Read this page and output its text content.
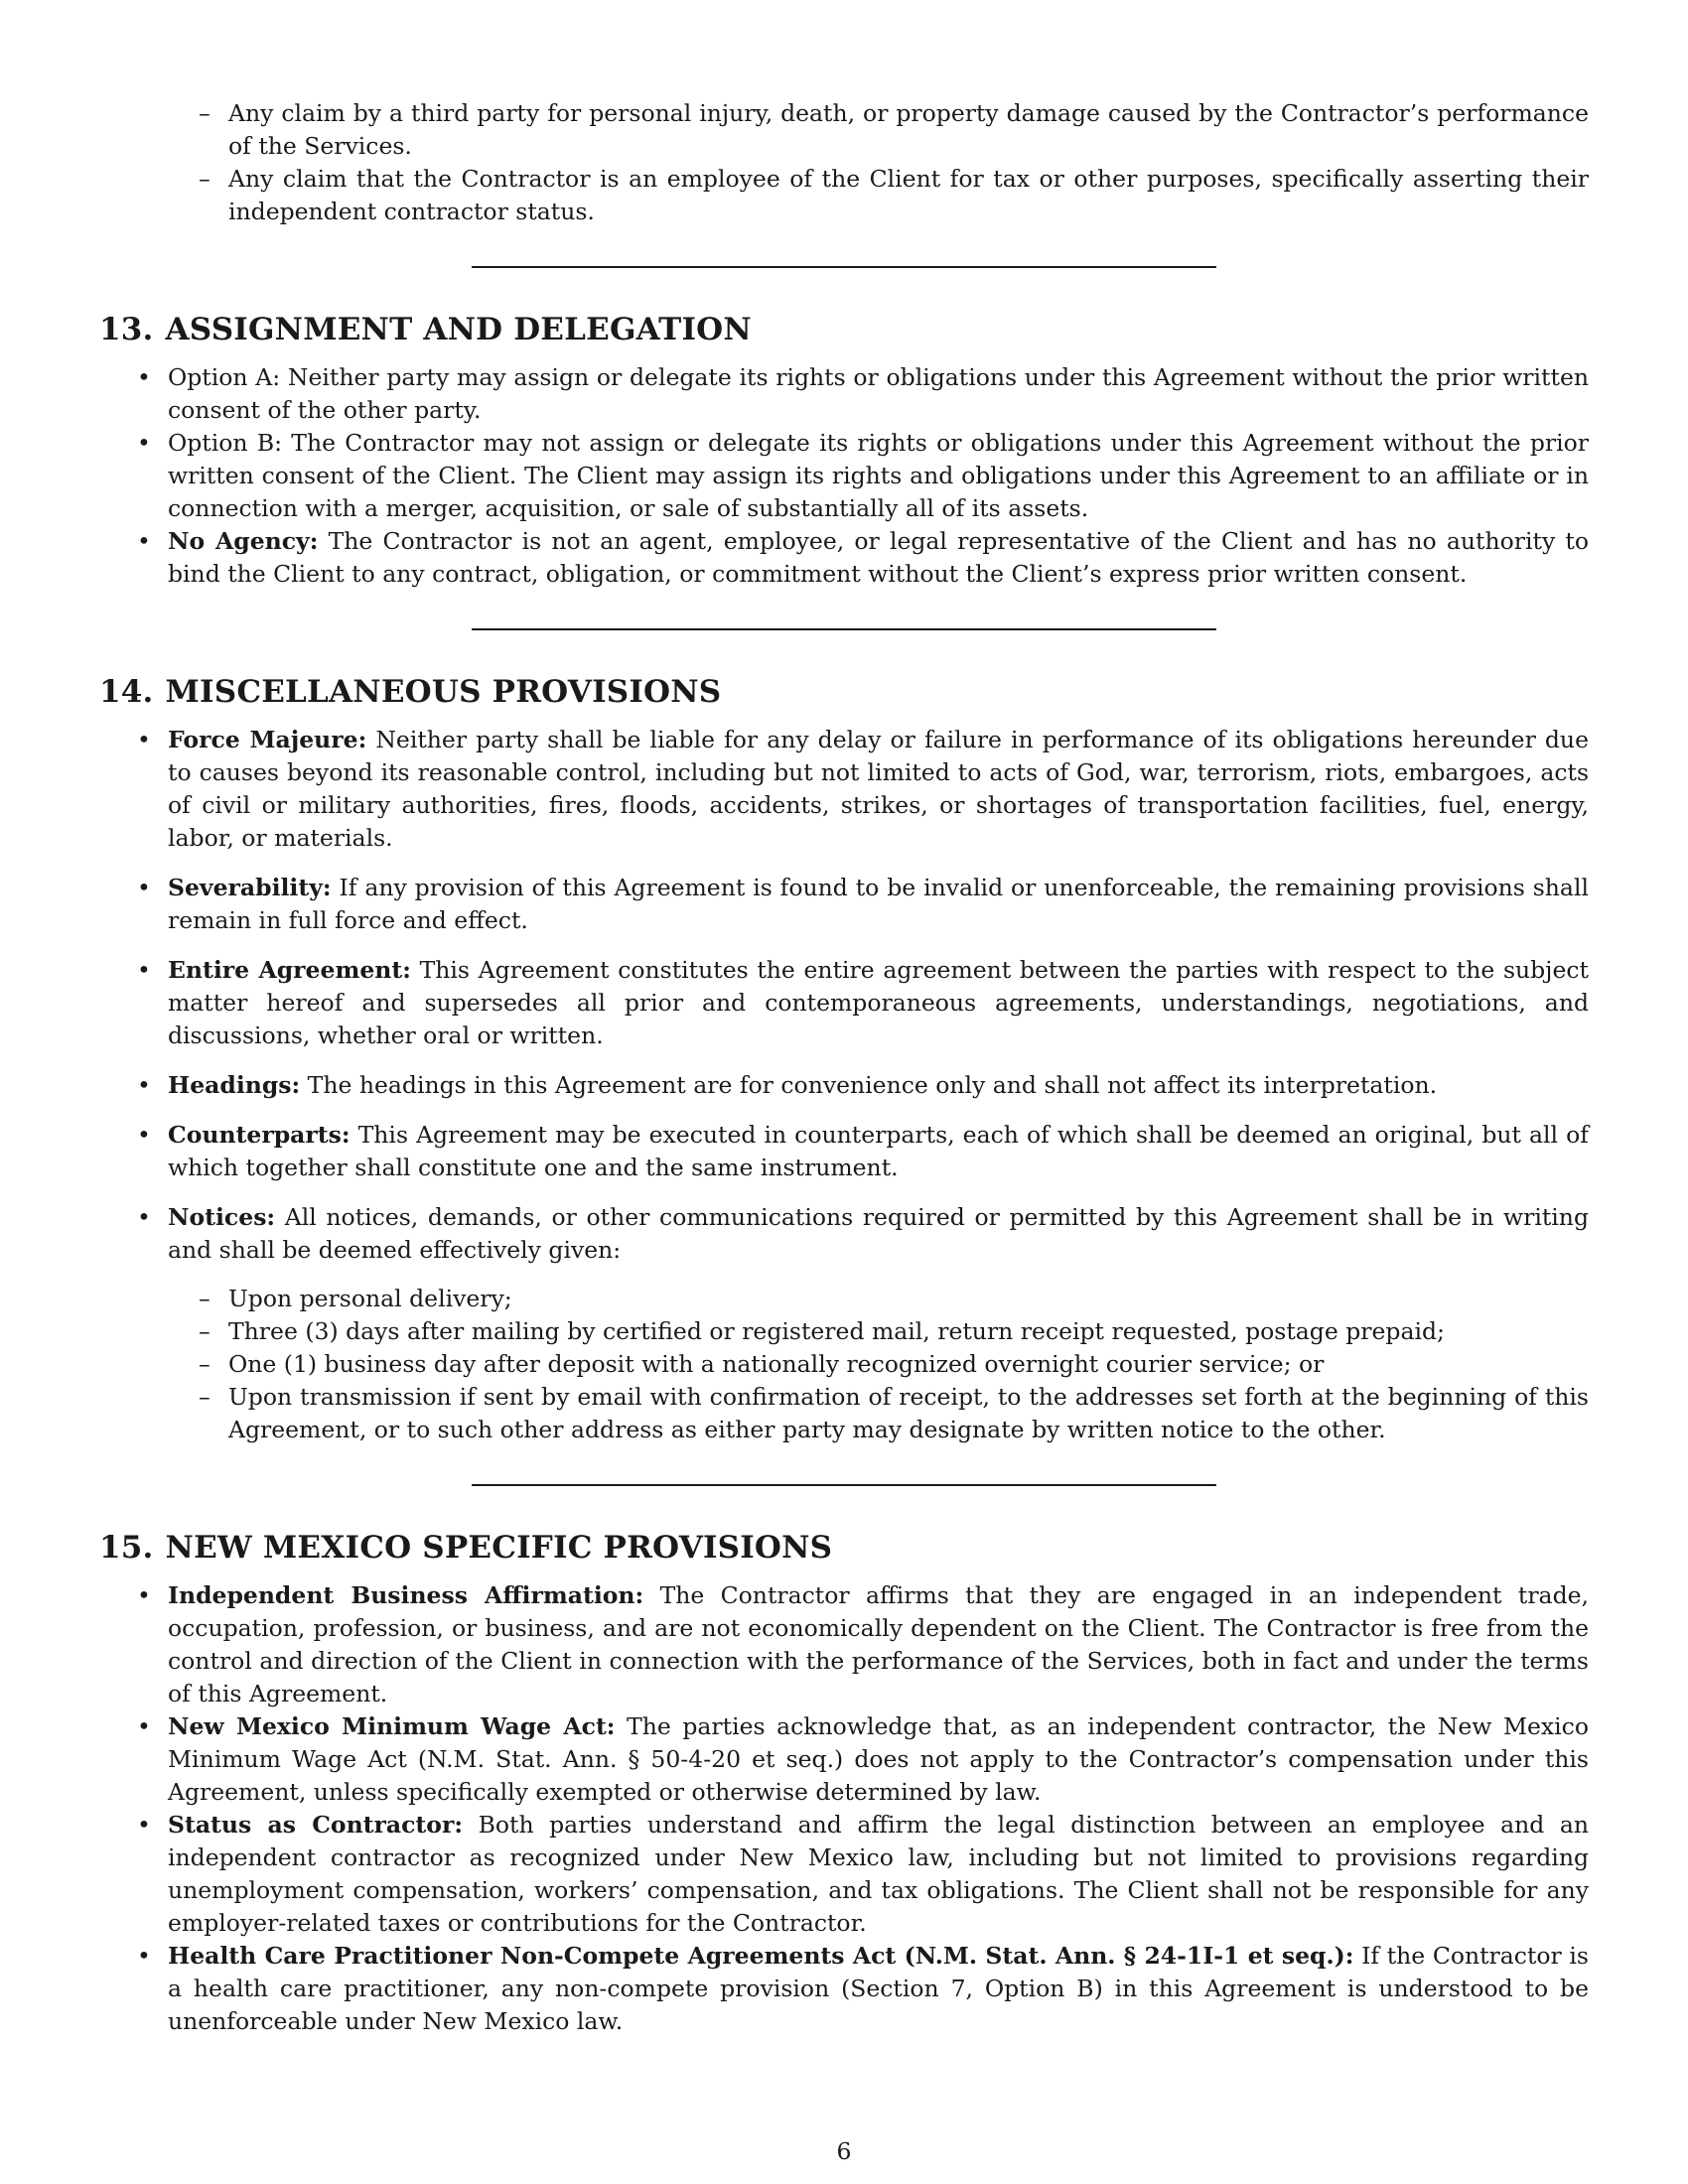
– Any claim by a third party for personal injury, death, or property damage caused by the Contractor’s performance of the Services.
– Any claim that the Contractor is an employee of the Client for tax or other purposes, specifically asserting their independent contractor status.
13. ASSIGNMENT AND DELEGATION
• Option A: Neither party may assign or delegate its rights or obligations under this Agreement without the prior written consent of the other party.
• Option B: The Contractor may not assign or delegate its rights or obligations under this Agreement without the prior written consent of the Client. The Client may assign its rights and obligations under this Agreement to an affiliate or in connection with a merger, acquisition, or sale of substantially all of its assets.
• No Agency: The Contractor is not an agent, employee, or legal representative of the Client and has no authority to bind the Client to any contract, obligation, or commitment without the Client’s express prior written consent.
14. MISCELLANEOUS PROVISIONS
• Force Majeure: Neither party shall be liable for any delay or failure in performance of its obligations hereunder due to causes beyond its reasonable control, including but not limited to acts of God, war, terrorism, riots, embargoes, acts of civil or military authorities, fires, floods, accidents, strikes, or shortages of transportation facilities, fuel, energy, labor, or materials.
• Severability: If any provision of this Agreement is found to be invalid or unenforceable, the remaining provisions shall remain in full force and effect.
• Entire Agreement: This Agreement constitutes the entire agreement between the parties with respect to the subject matter hereof and supersedes all prior and contemporaneous agreements, understandings, negotiations, and discussions, whether oral or written.
• Headings: The headings in this Agreement are for convenience only and shall not affect its interpretation.
• Counterparts: This Agreement may be executed in counterparts, each of which shall be deemed an original, but all of which together shall constitute one and the same instrument.
• Notices: All notices, demands, or other communications required or permitted by this Agreement shall be in writing and shall be deemed effectively given:
– Upon personal delivery;
– Three (3) days after mailing by certified or registered mail, return receipt requested, postage prepaid;
– One (1) business day after deposit with a nationally recognized overnight courier service; or
– Upon transmission if sent by email with confirmation of receipt, to the addresses set forth at the beginning of this Agreement, or to such other address as either party may designate by written notice to the other.
15. NEW MEXICO SPECIFIC PROVISIONS
• Independent Business Affirmation: The Contractor affirms that they are engaged in an independent trade, occupation, profession, or business, and are not economically dependent on the Client. The Contractor is free from the control and direction of the Client in connection with the performance of the Services, both in fact and under the terms of this Agreement.
• New Mexico Minimum Wage Act: The parties acknowledge that, as an independent contractor, the New Mexico Minimum Wage Act (N.M. Stat. Ann. § 50-4-20 et seq.) does not apply to the Contractor’s compensation under this Agreement, unless specifically exempted or otherwise determined by law.
• Status as Contractor: Both parties understand and affirm the legal distinction between an employee and an independent contractor as recognized under New Mexico law, including but not limited to provisions regarding unemployment compensation, workers’ compensation, and tax obligations. The Client shall not be responsible for any employer-related taxes or contributions for the Contractor.
• Health Care Practitioner Non-Compete Agreements Act (N.M. Stat. Ann. § 24-1I-1 et seq.): If the Contractor is a health care practitioner, any non-compete provision (Section 7, Option B) in this Agreement is understood to be unenforceable under New Mexico law.
6
